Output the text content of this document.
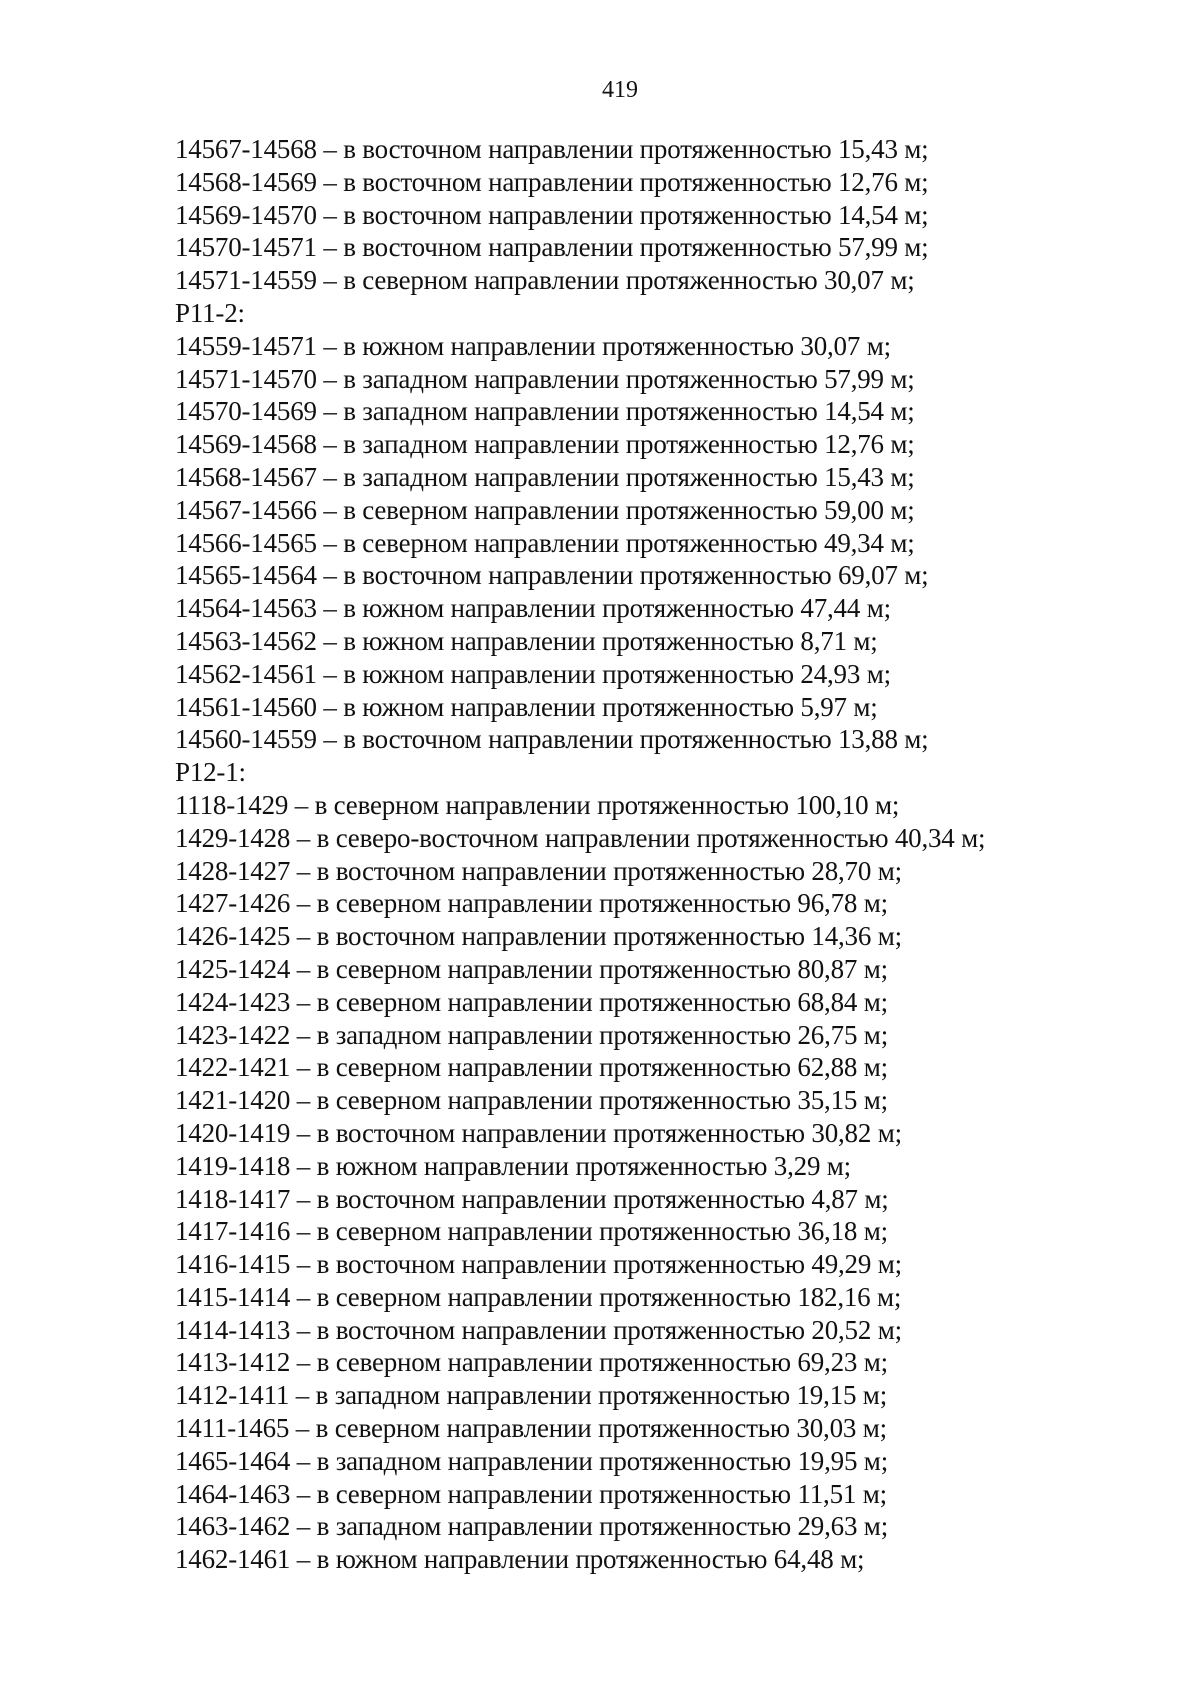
419
14567-14568 – в восточном направлении протяженностью 15,43 м;
14568-14569 – в восточном направлении протяженностью 12,76 м;
14569-14570 – в восточном направлении протяженностью 14,54 м;
14570-14571 – в восточном направлении протяженностью 57,99 м;
14571-14559 – в северном направлении протяженностью 30,07 м;
Р11-2:
14559-14571 – в южном направлении протяженностью 30,07 м;
14571-14570 – в западном направлении протяженностью 57,99 м;
14570-14569 – в западном направлении протяженностью 14,54 м;
14569-14568 – в западном направлении протяженностью 12,76 м;
14568-14567 – в западном направлении протяженностью 15,43 м;
14567-14566 – в северном направлении протяженностью 59,00 м;
14566-14565 – в северном направлении протяженностью 49,34 м;
14565-14564 – в восточном направлении протяженностью 69,07 м;
14564-14563 – в южном направлении протяженностью 47,44 м;
14563-14562 – в южном направлении протяженностью 8,71 м;
14562-14561 – в южном направлении протяженностью 24,93 м;
14561-14560 – в южном направлении протяженностью 5,97 м;
14560-14559 – в восточном направлении протяженностью 13,88 м;
Р12-1:
1118-1429 – в северном направлении протяженностью 100,10 м;
1429-1428 – в северо-восточном направлении протяженностью 40,34 м;
1428-1427 – в восточном направлении протяженностью 28,70 м;
1427-1426 – в северном направлении протяженностью 96,78 м;
1426-1425 – в восточном направлении протяженностью 14,36 м;
1425-1424 – в северном направлении протяженностью 80,87 м;
1424-1423 – в северном направлении протяженностью 68,84 м;
1423-1422 – в западном направлении протяженностью 26,75 м;
1422-1421 – в северном направлении протяженностью 62,88 м;
1421-1420 – в северном направлении протяженностью 35,15 м;
1420-1419 – в восточном направлении протяженностью 30,82 м;
1419-1418 – в южном направлении протяженностью 3,29 м;
1418-1417 – в восточном направлении протяженностью 4,87 м;
1417-1416 – в северном направлении протяженностью 36,18 м;
1416-1415 – в восточном направлении протяженностью 49,29 м;
1415-1414 – в северном направлении протяженностью 182,16 м;
1414-1413 – в восточном направлении протяженностью 20,52 м;
1413-1412 – в северном направлении протяженностью 69,23 м;
1412-1411 – в западном направлении протяженностью 19,15 м;
1411-1465 – в северном направлении протяженностью 30,03 м;
1465-1464 – в западном направлении протяженностью 19,95 м;
1464-1463 – в северном направлении протяженностью 11,51 м;
1463-1462 – в западном направлении протяженностью 29,63 м;
1462-1461 – в южном направлении протяженностью 64,48 м;
